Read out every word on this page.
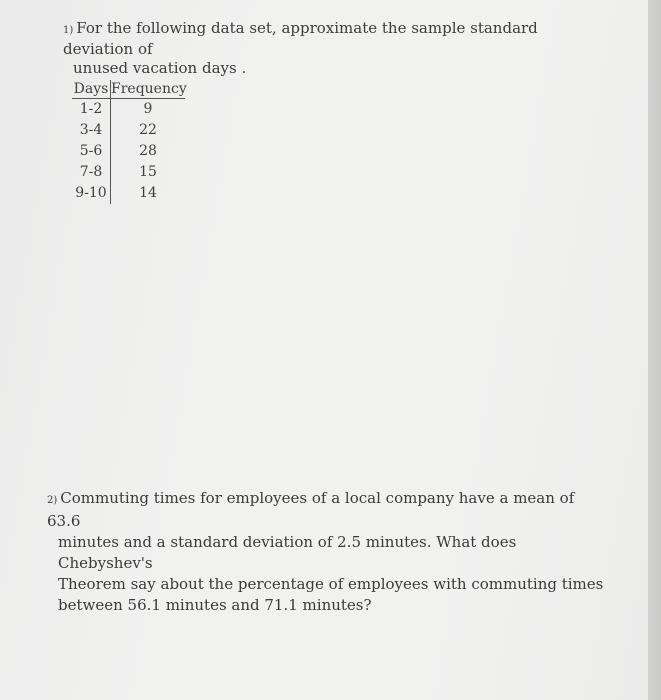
1) For the following data set, approximate the sample standard deviation of
unused vacation days .
Days Frequency
1-2	9
3-4	22
5-6	28
7-8	15
9-10	14
2) Commuting times for employees of a local company have a mean of 63.6
minutes and a standard deviation of 2.5 minutes. What does Chebyshev's
Theorem say about the percentage of employees with commuting times
between 56.1 minutes and 71.1 minutes?
